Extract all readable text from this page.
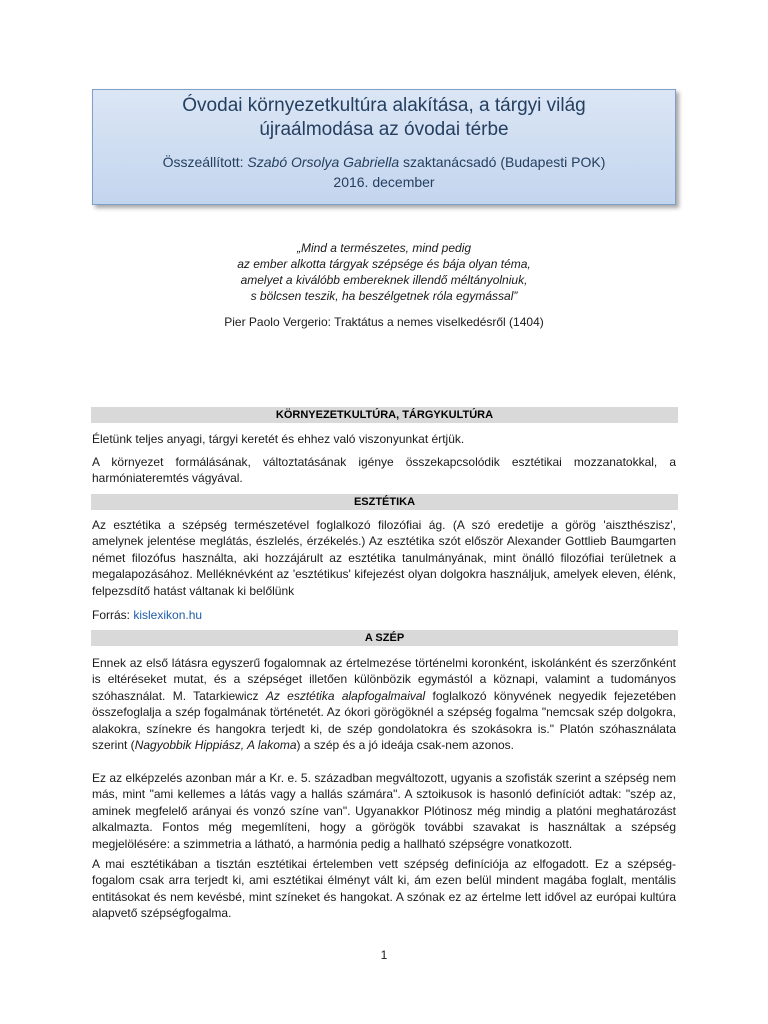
Óvodai környezetkultúra alakítása, a tárgyi világ
újraálmodása az óvodai térbe
Összeállított: Szabó Orsolya Gabriella szaktanácsadó (Budapesti POK)
2016. december
„Mind a természetes, mind pedig
az ember alkotta tárgyak szépsége és bája olyan téma,
amelyet a kiválóbb embereknek illendő méltányolniuk,
s bölcsen teszik, ha beszélgetnek róla egymással”
Pier Paolo Vergerio: Traktátus a nemes viselkedésről (1404)
KÖRNYEZETKULTÚRA, TÁRGYKULTÚRA

Életünk teljes anyagi, tárgyi keretét és ehhez való viszonyunkat értjük.

A környezet formálásának, változtatásának igénye összekapcsolódik esztétikai mozzanatokkal, a harmóniateremtés vágyával.

ESZTÉTIKA

Az esztétika a szépség természetével foglalkozó filozófiai ág. (A szó eredetije a görög 'aiszthészisz', amelynek jelentése meglátás, észlelés, érzékelés.) Az esztétika szót először Alexander Gottlieb Baumgarten német filozófus használta, aki hozzájárult az esztétika tanulmányának, mint önálló filozófiai területnek a megalapozásához. Melléknévként az 'esztétikus' kifejezést olyan dolgokra használjuk, amelyek eleven, élénk, felpezsdítő hatást váltanak ki belőlünk

Forrás: kislexikon.hu

A SZÉP

Ennek az első látásra egyszerű fogalomnak az értelmezése történelmi koronként, iskolánként és szerzőnként is eltéréseket mutat, és a szépséget illetően különbözik egymástól a köznapi, valamint a tudományos szóhasználat. M. Tatarkiewicz Az esztétika alapfogalmaival foglalkozó könyvének negyedik fejezetében összefoglalja a szép fogalmának történetét. Az ókori görögöknél a szépség fogalma "nemcsak szép dolgokra, alakokra, színekre és hangokra terjedt ki, de szép gondolatokra és szokásokra is." Platón szóhasználata szerint (Nagyobbik Hippiász, A lakoma) a szép és a jó ideája csak-nem azonos.

Ez az elképzelés azonban már a Kr. e. 5. században megváltozott, ugyanis a szofisták szerint a szépség nem más, mint "ami kellemes a látás vagy a hallás számára". A sztoikusok is hasonló definíciót adtak: "szép az, aminek megfelelő arányai és vonzó színe van". Ugyanakkor Plótinosz még mindig a platóni meghatározást alkalmazta. Fontos még megemlíteni, hogy a görögök további szavakat is használtak a szépség megjelölésére: a szimmetria a látható, a harmónia pedig a hallható szépségre vonatkozott.

A mai esztétikában a tisztán esztétikai értelemben vett szépség definíciója az elfogadott. Ez a szépség-fogalom csak arra terjedt ki, ami esztétikai élményt vált ki, ám ezen belül mindent magába foglalt, mentális entitásokat és nem kevésbé, mint színeket és hangokat. A szónak ez az értelme lett idővel az európai kultúra alapvető szépségfogalma.

1
